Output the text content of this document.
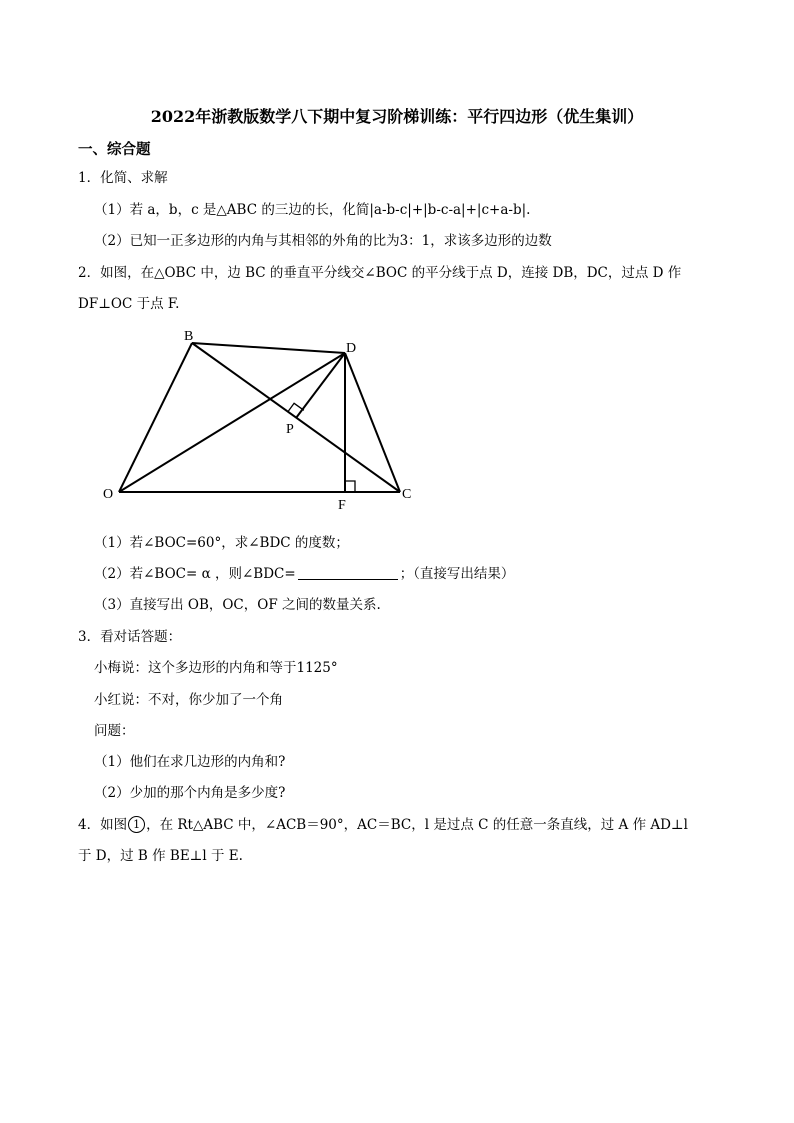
2022年浙教版数学八下期中复习阶梯训练：平行四边形（优生集训）
一、综合题
1．化简、求解
（1）若 a，b，c 是△ABC 的三边的长，化简|a-b-c|+|b-c-a|+|c+a-b|.
（2）已知一正多边形的内角与其相邻的外角的比为3：1，求该多边形的边数
2．如图，在△OBC 中，边 BC 的垂直平分线交∠BOC 的平分线于点 D，连接 DB，DC，过点 D 作
DF⊥OC 于点 F.
B
D
P
O
F
C
（1）若∠BOC=60°，求∠BDC 的度数；
（2）若∠BOC= α ，则∠BDC=	；（直接写出结果）
（3）直接写出 OB，OC，OF 之间的数量关系.
3．看对话答题：
小梅说：这个多边形的内角和等于1125°
小红说：不对，你少加了一个角
问题：
（1）他们在求几边形的内角和?
（2）少加的那个内角是多少度?
4．如图 1 ，在 Rt△ABC 中，∠ACB＝90°，AC＝BC，l 是过点 C 的任意一条直线，过 A 作 AD⊥l
于 D，过 B 作 BE⊥l 于 E.
